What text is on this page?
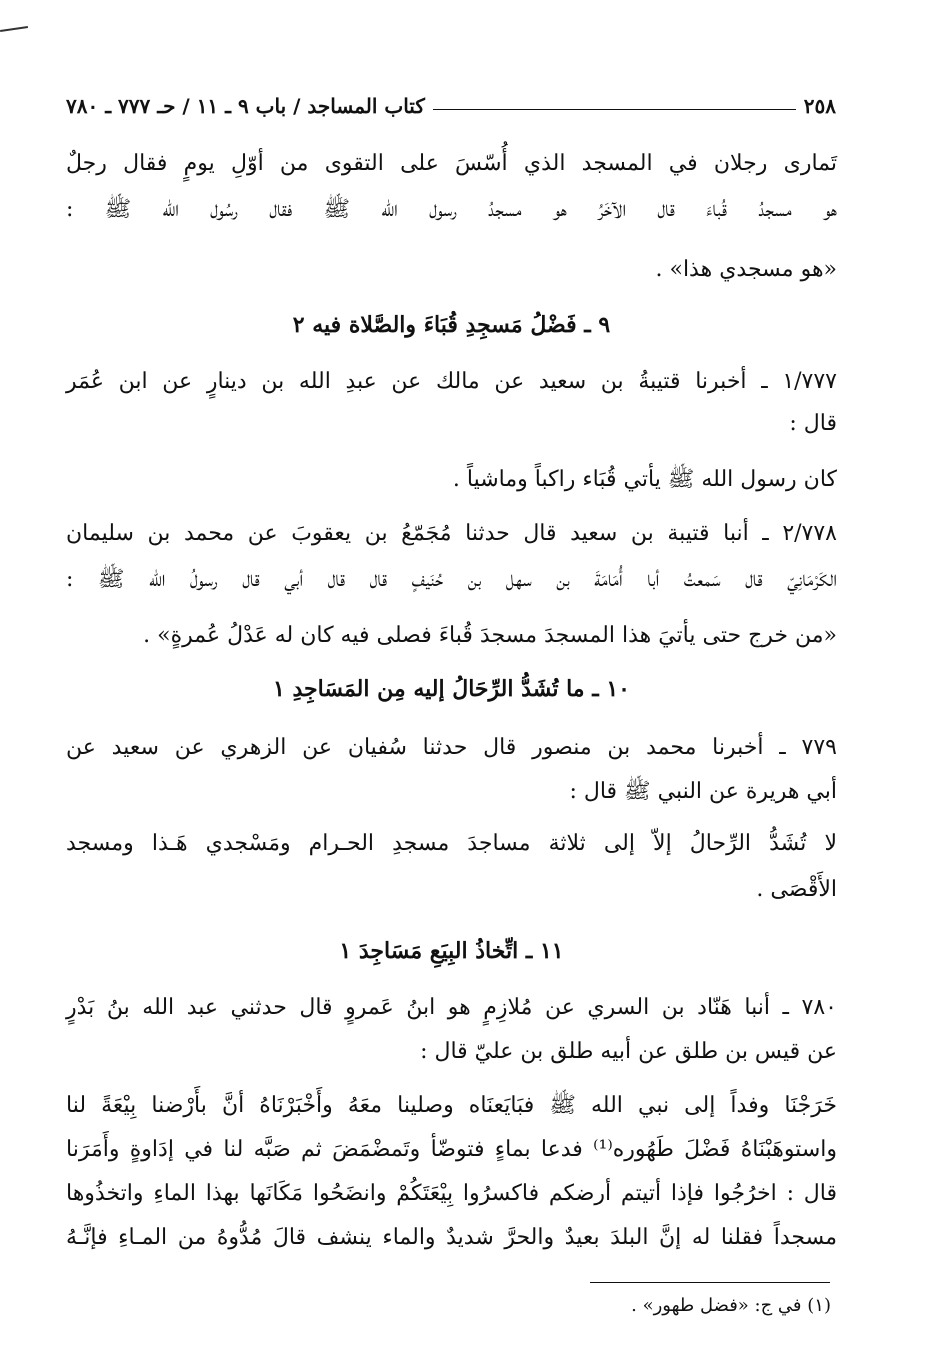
٢٥٨
كتاب المساجد / باب ٩ ـ ١١ / حـ ٧٧٧ ـ ٧٨٠
تَمارى رجلان في المسجد الذي أُسّسَ على التقوى من أوّلِ يومٍ فقال رجلٌ
هو مسجدُ قُباءَ قال الآخَرُ هو مسجدُ رسول الله ﷺ فقال رسُول الله ﷺ :
«هو مسجدي هذا» .
٩ ـ فَضْلُ مَسجِدِ قُبَاءَ والصَّلاة فيه ٢
١/٧٧٧ ـ أخبرنا قتيبةُ بن سعيد عن مالك عن عبدِ الله بن دينارٍ عن ابن عُمَر
قال :
كان رسول الله ﷺ يأتي قُبَاء راكباً وماشياً .
٢/٧٧٨ ـ أنبا قتيبة بن سعيد قال حدثنا مُجَمّعُ بن يعقوبَ عن محمد بن سليمان
الكَرْمَانِيّ قال سَمعتُ أبا أُمَامَةَ بن سهل بن حُنَيفٍ قال قال أبي قال رسولُ الله ﷺ :
«من خرج حتى يأتيَ هذا المسجدَ مسجدَ قُباءَ فصلى فيه كان له عَدْلُ عُمرةٍ» .
١٠ ـ ما تُشَدُّ الرِّحَالُ إليه مِن المَسَاجِدِ ١
٧٧٩ ـ أخبرنا محمد بن منصور قال حدثنا سُفيان عن الزهري عن سعيد عن
أبي هريرة عن النبي ﷺ قال :
لا تُشَدُّ الرِّحالُ إلاّ إلى ثلاثة مساجدَ مسجدِ الحـرام ومَسْجدي هَـذا ومسجد
الأَقْصَى .
١١ ـ اتِّخاذُ البِيَعِ مَسَاجِدَ ١
٧٨٠ ـ أنبا هَنّاد بن السري عن مُلازِمٍ هو ابنُ عَمروٍ قال حدثني عبد الله بنُ بَدْرٍ
عن قيس بن طلق عن أبيه طلق بن عليّ قال :
خَرَجْنَا وفداً إلى نبي الله ﷺ فبَايَعنَاه وصلينا معَهُ وأَخْبَرْنَاهُ أنَّ بأَرْضنا بِيْعَةً لنا
واستوهَبْنَاهُ فَضْلَ طَهُوره⁽¹⁾ فدعا بماءٍ فتوضّأ وتَمضْمَضَ ثم صَبَّه لنا في إدَاوةٍ وأَمَرَنا
قال : اخرُجُوا فإذا أتيتم أرضكم فاكسرُوا بِيْعَتَكُمْ وانضَحُوا مَكَانَها بهذا الماءِ واتخذُوها
مسجداً فقلنا له إنَّ البلدَ بعيدٌ والحرَّ شديدٌ والماء ينشف قالَ مُدُّوهُ من المـاءِ فإنَّـهُ
(١) في ج: «فضل طهور» .
